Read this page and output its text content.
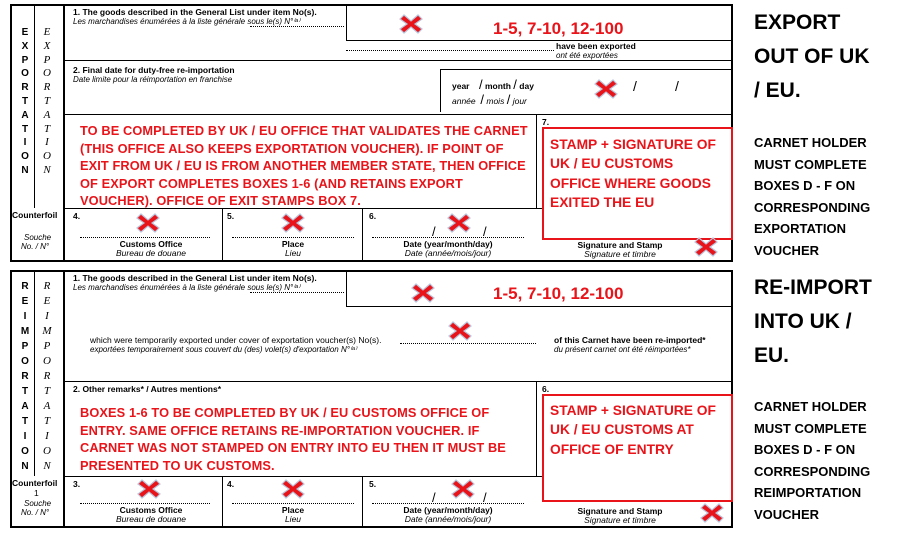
E
X
P
O
R
T
A
T
I
O
N
E
X
P
O
R
T
A
T
I
O
N
Counterfoil
Souche
No. / N°
1. The goods described in the General List under item No(s).
Les marchandises énumérées à la liste générale sous le(s) N°⁽ᵃ⁾	1-5, 7-10, 12-100
have been exported
ont été exportées
2. Final date for duty-free re-importation
Date limite pour la réimportation en franchise
year / month / day
année / mois / jour
/	/
TO BE COMPLETED BY UK / EU OFFICE THAT VALIDATES THE CARNET (THIS OFFICE ALSO KEEPS EXPORTATION VOUCHER). IF POINT OF EXIT FROM UK / EU IS FROM ANOTHER MEMBER STATE, THEN OFFICE OF EXPORT COMPLETES BOXES 1-6 (AND RETAINS EXPORT VOUCHER). OFFICE OF EXIT STAMPS BOX 7.
7.
STAMP + SIGNATURE OF UK / EU CUSTOMS OFFICE WHERE GOODS EXITED THE EU
4.	5.	6.
/	/
Customs Office
Bureau de douane
Place
Lieu
Date (year/month/day)
Date (année/mois/jour)
Signature and Stamp
Signature et timbre
R
E
I
M
P
O
R
T
A
T
I
O
N
R
E
I
M
P
O
R
T
A
T
I
O
N
Counterfoil
1
Souche
No. / N°
1. The goods described in the General List under item No(s).
Les marchandises énumérées à la liste générale sous le(s) N°⁽ᵃ⁾	1-5, 7-10, 12-100
which were temporarily exported under cover of exportation voucher(s) No(s).
exportées temporairement sous couvert du (des) volet(s) d'exportation N°⁽ᵃ⁾
of this Carnet have been re-imported*
du présent carnet ont été réimportées*
2. Other remarks* / Autres mentions*
BOXES 1-6 TO BE COMPLETED BY UK / EU CUSTOMS OFFICE OF ENTRY. SAME OFFICE RETAINS RE-IMPORTATION VOUCHER. IF CARNET WAS NOT STAMPED ON ENTRY INTO EU THEN IT MUST BE PRESENTED TO UK CUSTOMS.
6.
STAMP + SIGNATURE OF UK / EU CUSTOMS AT OFFICE OF ENTRY
3.	4.	5.
/	/
Customs Office
Bureau de douane
Place
Lieu
Date (year/month/day)
Date (année/mois/jour)
Signature and Stamp
Signature et timbre
EXPORT
OUT OF UK
/ EU.
CARNET HOLDER
MUST COMPLETE
BOXES D - F ON
CORRESPONDING
EXPORTATION
VOUCHER
RE-IMPORT
INTO UK /
EU.
CARNET HOLDER
MUST COMPLETE
BOXES D - F ON
CORRESPONDING
REIMPORTATION
VOUCHER
